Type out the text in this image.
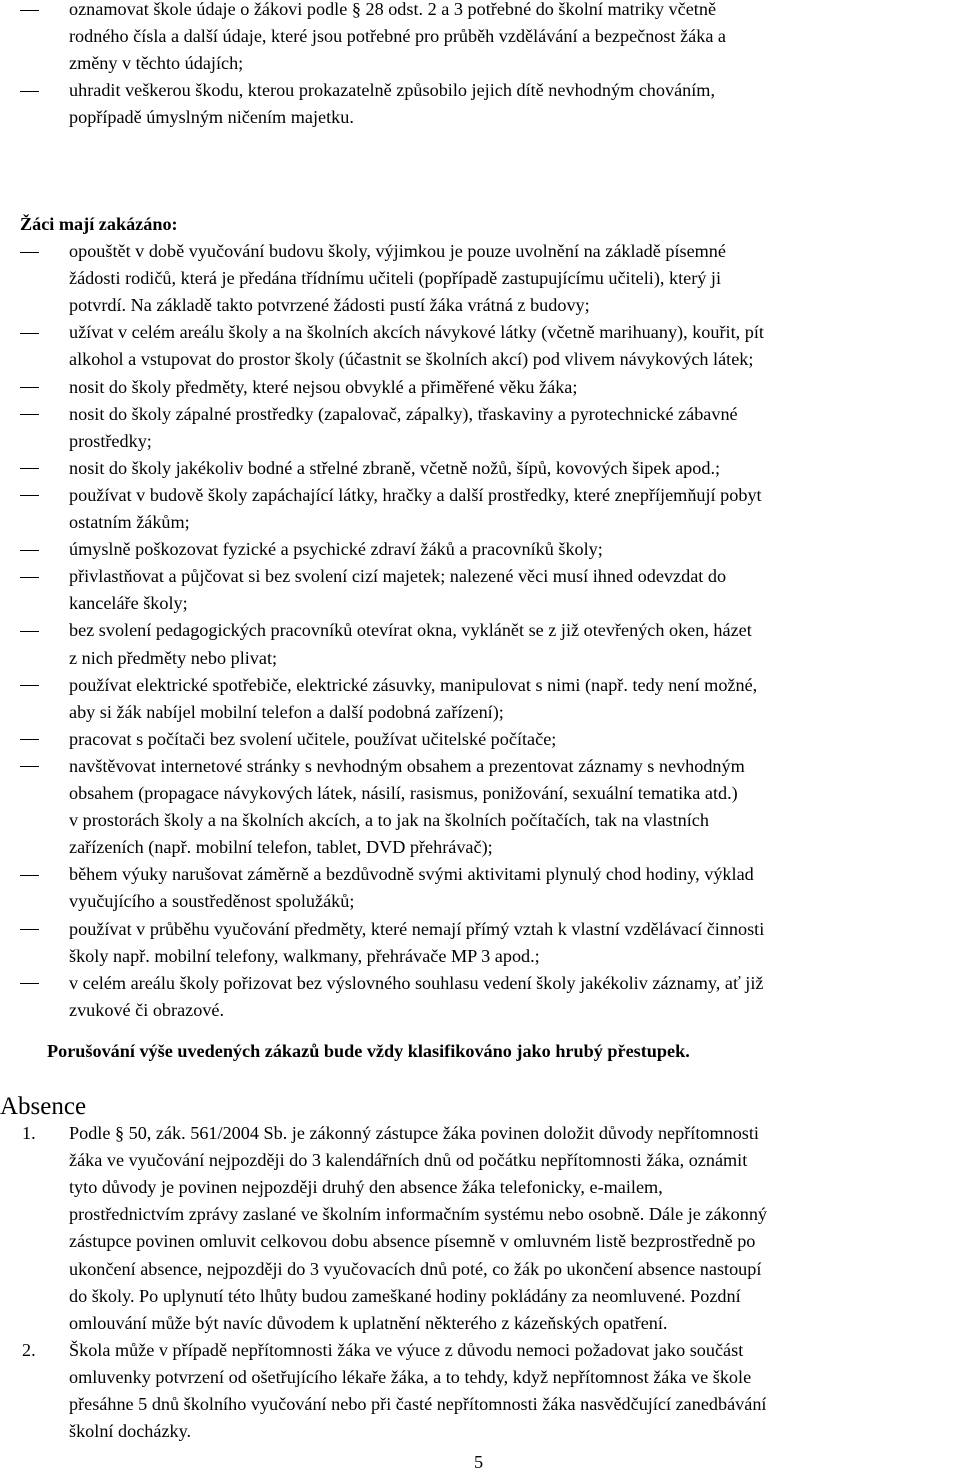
oznamovat škole údaje o žákovi podle § 28 odst. 2 a 3 potřebné do školní matriky včetně
rodného čísla a další údaje, které jsou potřebné pro průběh vzdělávání a bezpečnost žáka a
změny v těchto údajích;
uhradit veškerou škodu, kterou prokazatelně způsobilo jejich dítě nevhodným chováním,
popřípadě úmyslným ničením majetku.
Žáci mají zakázáno:
opouštět v době vyučování budovu školy, výjimkou je pouze uvolnění na základě písemné
žádosti rodičů, která je předána třídnímu učiteli (popřípadě zastupujícímu učiteli), který ji
potvrdí. Na základě takto potvrzené žádosti pustí žáka vrátná z budovy;
užívat v celém areálu školy a na školních akcích návykové látky (včetně marihuany), kouřit, pít
alkohol a vstupovat do prostor školy (účastnit se školních akcí) pod vlivem návykových látek;
nosit do školy předměty, které nejsou obvyklé a přiměřené věku žáka;
nosit do školy zápalné prostředky (zapalovač, zápalky), třaskaviny a pyrotechnické zábavné
prostředky;
nosit do školy jakékoliv bodné a střelné zbraně, včetně nožů, šípů, kovových šipek apod.;
používat v budově školy zapáchající látky, hračky a další prostředky, které znepříjemňují pobyt
ostatním žákům;
úmyslně poškozovat fyzické a psychické zdraví žáků a pracovníků školy;
přivlastňovat a půjčovat si bez svolení cizí majetek; nalezené věci musí ihned odevzdat do
kanceláře školy;
bez svolení pedagogických pracovníků otevírat okna, vyklánět se z již otevřených oken, házet
z nich předměty nebo plivat;
používat elektrické spotřebiče, elektrické zásuvky, manipulovat s nimi (např. tedy není možné,
aby si žák nabíjel mobilní telefon a další podobná zařízení);
pracovat s počítači bez svolení učitele, používat učitelské počítače;
navštěvovat internetové stránky s nevhodným obsahem a prezentovat záznamy s nevhodným
obsahem (propagace návykových látek, násilí, rasismus, ponižování, sexuální tematika atd.)
v prostorách školy a na školních akcích, a to jak na školních počítačích, tak na vlastních
zařízeních (např. mobilní telefon, tablet, DVD přehrávač);
během výuky narušovat záměrně a bezdůvodně svými aktivitami plynulý chod hodiny, výklad
vyučujícího a soustředěnost spolužáků;
používat v průběhu vyučování předměty, které nemají přímý vztah k vlastní vzdělávací činnosti
školy např. mobilní telefony, walkmany, přehrávače MP 3 apod.;
v celém areálu školy pořizovat bez výslovného souhlasu vedení školy jakékoliv záznamy, ať již
zvukové či obrazové.
Porušování výše uvedených zákazů bude vždy klasifikováno jako hrubý přestupek.
Absence
1. Podle § 50, zák. 561/2004 Sb. je zákonný zástupce žáka povinen doložit důvody nepřítomnosti
žáka ve vyučování nejpozději do 3 kalendářních dnů od počátku nepřítomnosti žáka, oznámit
tyto důvody je povinen nejpozději druhý den absence žáka telefonicky, e-mailem,
prostřednictvím zprávy zaslané ve školním informačním systému nebo osobně. Dále je zákonný
zástupce povinen omluvit celkovou dobu absence písemně v omluvném listě bezprostředně po
ukončení absence, nejpozději do 3 vyučovacích dnů poté, co žák po ukončení absence nastoupí
do školy. Po uplynutí této lhůty budou zameškané hodiny pokládány za neomluvené. Pozdní
omlouvání může být navíc důvodem k uplatnění některého z kázeňských opatření.
2. Škola může v případě nepřítomnosti žáka ve výuce z důvodu nemoci požadovat jako součást
omluvenky potvrzení od ošetřujícího lékaře žáka, a to tehdy, když nepřítomnost žáka ve škole
přesáhne 5 dnů školního vyučování nebo při časté nepřítomnosti žáka nasvědčující zanedbávání
školní docházky.
5
